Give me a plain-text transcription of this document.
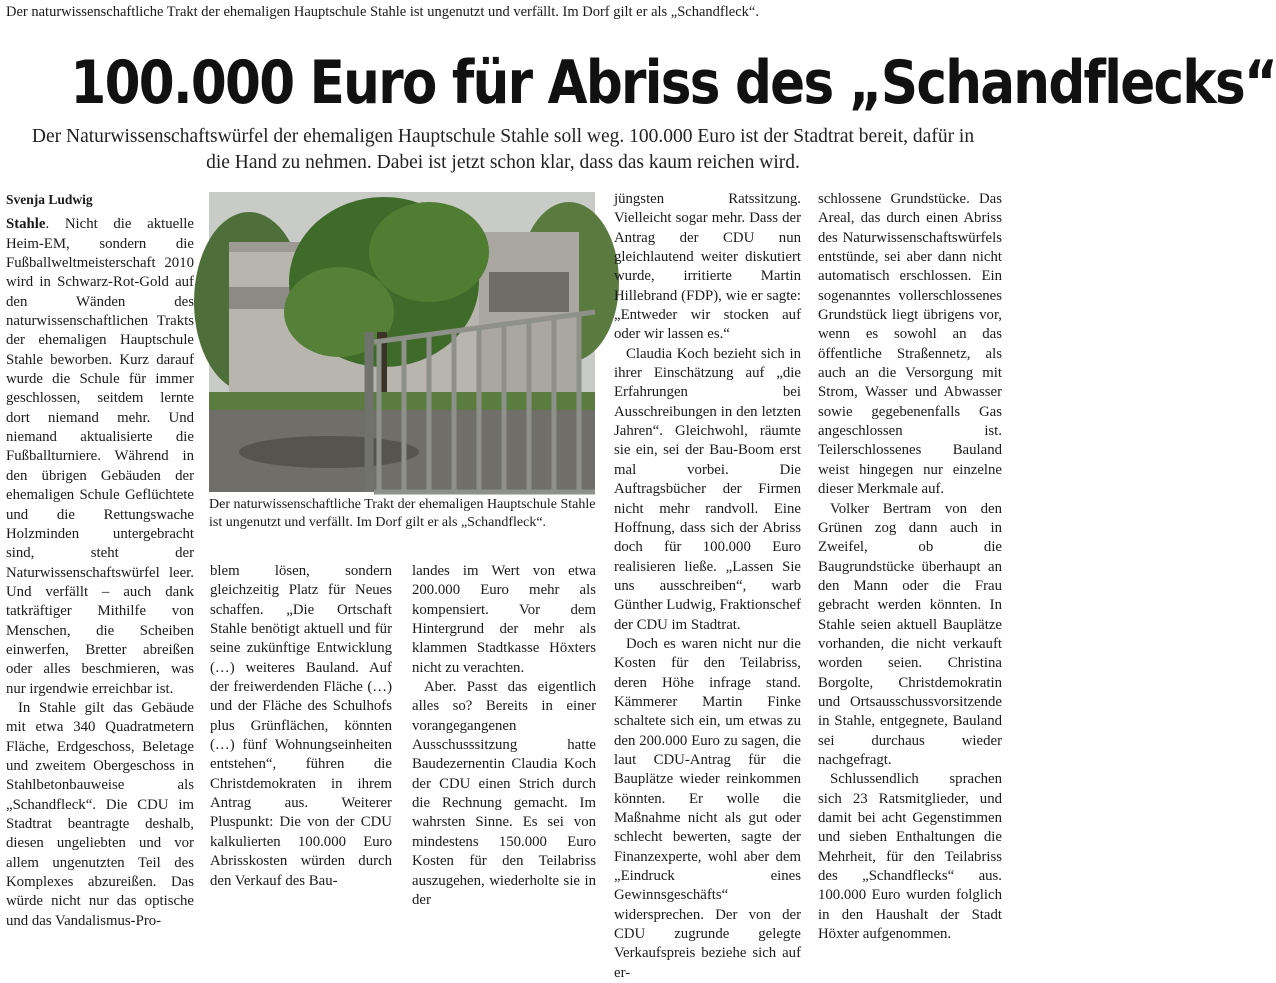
Der naturwissenschaftliche Trakt der ehemaligen Hauptschule Stahle ist ungenutzt und verfällt. Im Dorf gilt er als „Schandfleck“.
100.000 Euro für Abriss des „Schandflecks“
Der Naturwissenschaftswürfel der ehemaligen Hauptschule Stahle soll weg. 100.000 Euro ist der Stadtrat bereit, dafür in die Hand zu nehmen. Dabei ist jetzt schon klar, dass das kaum reichen wird.
Svenja Ludwig

Stahle. Nicht die aktuelle Heim-EM, sondern die Fußballweltmeisterschaft 2010 wird in Schwarz-Rot-Gold auf den Wänden des naturwissenschaftlichen Trakts der ehemaligen Hauptschule Stahle beworben. Kurz darauf wurde die Schule für immer geschlossen, seitdem lernte dort niemand mehr. Und niemand aktualisierte die Fußballturniere. Während in den übrigen Gebäuden der ehemaligen Schule Geflüchtete und die Rettungswache Holzminden untergebracht sind, steht der Naturwissenschaftswürfel leer. Und verfällt – auch dank tatkräftiger Mithilfe von Menschen, die Scheiben einwerfen, Bretter abreißen oder alles beschmieren, was nur irgendwie erreichbar ist.

In Stahle gilt das Gebäude mit etwa 340 Quadratmetern Fläche, Erdgeschoss, Beletage und zweitem Obergeschoss in Stahlbetonbauweise als „Schandfleck“. Die CDU im Stadtrat beantragte deshalb, diesen ungeliebten und vor allem ungenutzten Teil des Komplexes abzureißen. Das würde nicht nur das optische und das Vandalismus-Pro-

Der naturwissenschaftliche Trakt der ehemaligen Hauptschule Stahle ist ungenutzt und verfällt. Im Dorf gilt er als „Schandfleck“.

blem lösen, sondern gleichzeitig Platz für Neues schaffen. „Die Ortschaft Stahle benötigt aktuell und für seine zukünftige Entwicklung (…) weiteres Bauland. Auf der freiwerdenden Fläche (…) und der Fläche des Schulhofs plus Grünflächen, könnten (…) fünf Wohnungseinheiten entstehen“, führen die Christdemokraten in ihrem Antrag aus. Weiterer Pluspunkt: Die von der CDU kalkulierten 100.000 Euro Abrisskosten würden durch den Verkauf des Bau-

landes im Wert von etwa 200.000 Euro mehr als kompensiert. Vor dem Hintergrund der mehr als klammen Stadtkasse Höxters nicht zu verachten.

Aber. Passt das eigentlich alles so? Bereits in einer vorangegangenen Ausschusssitzung hatte Baudezernentin Claudia Koch der CDU einen Strich durch die Rechnung gemacht. Im wahrsten Sinne. Es sei von mindestens 150.000 Euro Kosten für den Teilabriss auszugehen, wiederholte sie in der

jüngsten Ratssitzung. Vielleicht sogar mehr. Dass der Antrag der CDU nun gleichlautend weiter diskutiert wurde, irritierte Martin Hillebrand (FDP), wie er sagte: „Entweder wir stocken auf oder wir lassen es.“

Claudia Koch bezieht sich in ihrer Einschätzung auf „die Erfahrungen bei Ausschreibungen in den letzten Jahren“. Gleichwohl, räumte sie ein, sei der Bau-Boom erst mal vorbei. Die Auftragsbücher der Firmen nicht mehr randvoll. Eine Hoffnung, dass sich der Abriss doch für 100.000 Euro realisieren ließe. „Lassen Sie uns ausschreiben“, warb Günther Ludwig, Fraktionschef der CDU im Stadtrat.

Doch es waren nicht nur die Kosten für den Teilabriss, deren Höhe infrage stand. Kämmerer Martin Finke schaltete sich ein, um etwas zu den 200.000 Euro zu sagen, die laut CDU-Antrag für die Bauplätze wieder reinkommen könnten. Er wolle die Maßnahme nicht als gut oder schlecht bewerten, sagte der Finanzexperte, wohl aber dem „Eindruck eines Gewinnsgeschäfts“ widersprechen. Der von der CDU zugrunde gelegte Verkaufspreis beziehe sich auf er-

schlossene Grundstücke. Das Areal, das durch einen Abriss des Naturwissenschaftswürfels entstünde, sei aber dann nicht automatisch erschlossen. Ein sogenanntes vollerschlossenes Grundstück liegt übrigens vor, wenn es sowohl an das öffentliche Straßennetz, als auch an die Versorgung mit Strom, Wasser und Abwasser sowie gegebenenfalls Gas angeschlossen ist. Teilerschlossenes Bauland weist hingegen nur einzelne dieser Merkmale auf.

Volker Bertram von den Grünen zog dann auch in Zweifel, ob die Baugrundstücke überhaupt an den Mann oder die Frau gebracht werden könnten. In Stahle seien aktuell Bauplätze vorhanden, die nicht verkauft worden seien. Christina Borgolte, Christdemokratin und Ortsausschussvorsitzende in Stahle, entgegnete, Bauland sei durchaus wieder nachgefragt.

Schlussendlich sprachen sich 23 Ratsmitglieder, und damit bei acht Gegenstimmen und sieben Enthaltungen die Mehrheit, für den Teilabriss des „Schandflecks“ aus. 100.000 Euro wurden folglich in den Haushalt der Stadt Höxter aufgenommen.
